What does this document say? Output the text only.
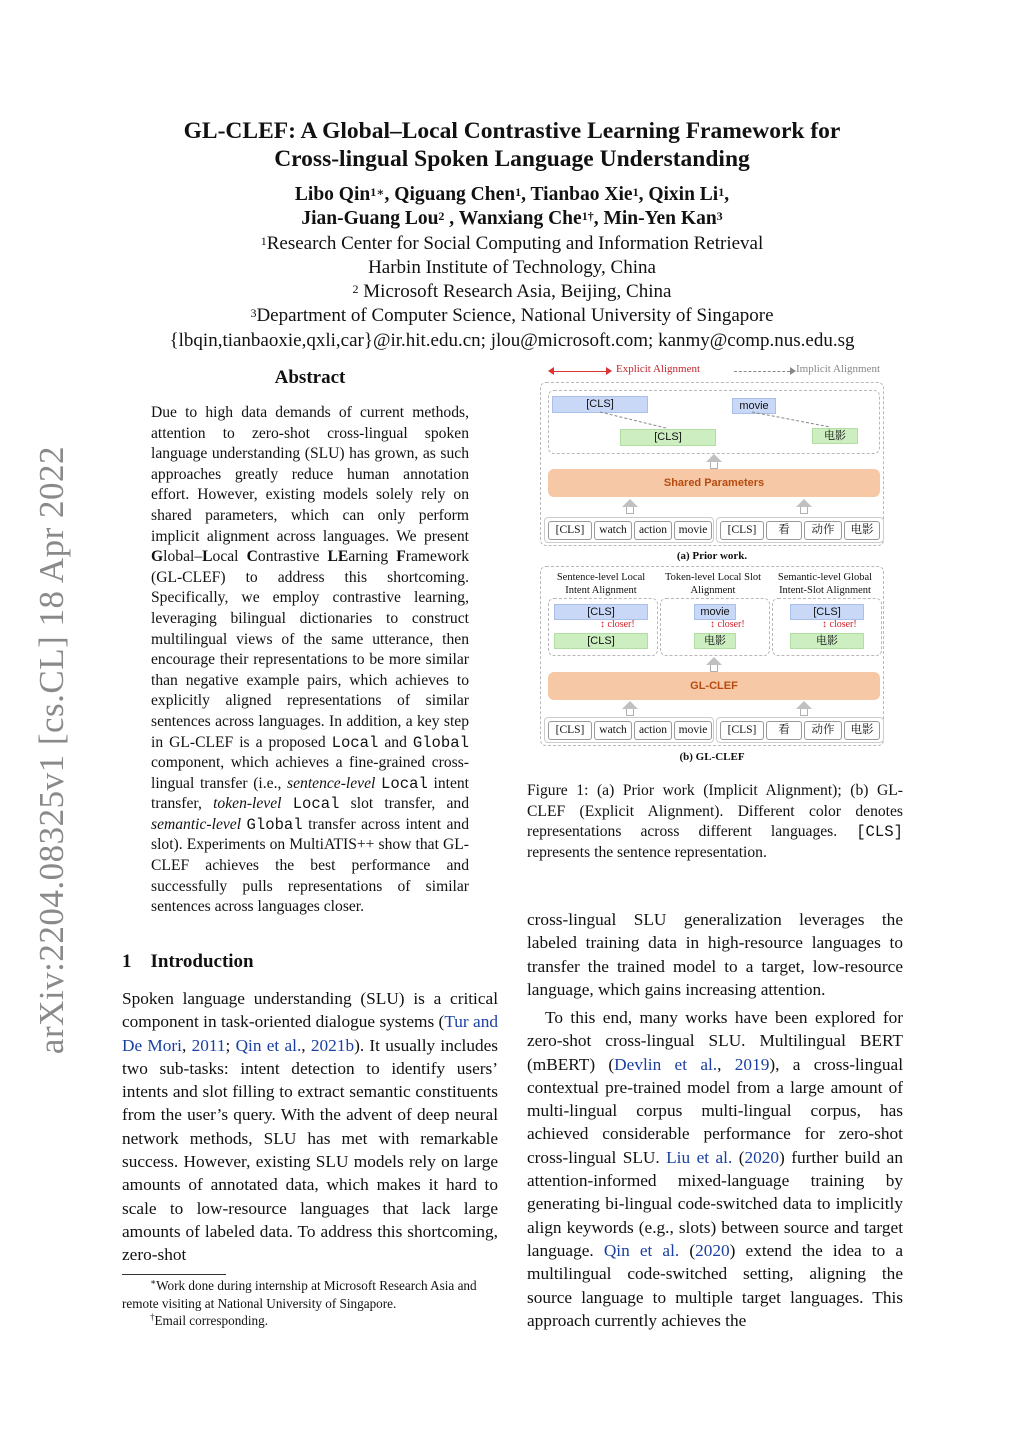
arXiv:2204.08325v1 [cs.CL] 18 Apr 2022
GL-CLEF: A Global–Local Contrastive Learning Framework for
Cross-lingual Spoken Language Understanding
Libo Qin$^{1∗}$, Qiguang Chen$^1$, Tianbao Xie$^1$, Qixin Li$^1$,
Jian-Guang Lou$^2$ , Wanxiang Che$^{1\dagger}$, Min-Yen Kan$^3$
$^1$Research Center for Social Computing and Information Retrieval
Harbin Institute of Technology, China
$^2$ Microsoft Research Asia, Beijing, China
$^3$Department of Computer Science, National University of Singapore
{lbqin,tianbaoxie,qxli,car}@ir.hit.edu.cn; jlou@microsoft.com; kanmy@comp.nus.edu.sg
Abstract

Due to high data demands of current methods, attention to zero-shot cross-lingual spoken language understanding (SLU) has grown, as such approaches greatly reduce human annotation effort. However, existing models solely rely on shared parameters, which can only perform implicit alignment across languages. We present Global–Local Contrastive LEarning Framework (GL-CLEF) to address this shortcoming. Specifically, we employ contrastive learning, leveraging bilingual dictionaries to construct multilingual views of the same utterance, then encourage their representations to be more similar than negative example pairs, which achieves to explicitly aligned representations of similar sentences across languages. In addition, a key step in GL-CLEF is a proposed Local and Global component, which achieves a fine-grained cross-lingual transfer (i.e., sentence-level Local intent transfer, token-level Local slot transfer, and semantic-level Global transfer across intent and slot). Experiments on MultiATIS++ show that GL-CLEF achieves the best performance and successfully pulls representations of similar sentences across languages closer.

1 Introduction

Spoken language understanding (SLU) is a critical component in task-oriented dialogue systems (Tur and De Mori, 2011; Qin et al., 2021b). It usually includes two sub-tasks: intent detection to identify users’ intents and slot filling to extract semantic constituents from the user’s query. With the advent of deep neural network methods, SLU has met with remarkable success. However, existing SLU models rely on large amounts of annotated data, which makes it hard to scale to low-resource languages that lack large amounts of labeled data. To address this shortcoming, zero-shot

∗Work done during internship at Microsoft Research Asia and remote visiting at National University of Singapore.
†Email corresponding.
Explicit Alignment	Implicit Alignment
[CLS]
[CLS]
movie
电影
Shared Parameters
[CLS]	watch	action	movie	[CLS]	看	动作	电影
(a) Prior work.
Sentence-level Local Intent Alignment
Token-level Local Slot Alignment
Semantic-level Global Intent-Slot Alignment
[CLS]
↕ closer!
[CLS]
movie
↕ closer!
电影
[CLS]
↕ closer!
电影
GL-CLEF
[CLS]	watch	action	movie	[CLS]	看	动作	电影
(b) GL-CLEF
Figure 1: (a) Prior work (Implicit Alignment); (b) GL-CLEF (Explicit Alignment). Different color denotes representations across different languages. [CLS] represents the sentence representation.
cross-lingual SLU generalization leverages the labeled training data in high-resource languages to transfer the trained model to a target, low-resource language, which gains increasing attention.
To this end, many works have been explored for zero-shot cross-lingual SLU. Multilingual BERT (mBERT) (Devlin et al., 2019), a cross-lingual contextual pre-trained model from a large amount of multi-lingual corpus multi-lingual corpus, has achieved considerable performance for zero-shot cross-lingual SLU. Liu et al. (2020) further build an attention-informed mixed-language training by generating bi-lingual code-switched data to implicitly align keywords (e.g., slots) between source and target language. Qin et al. (2020) extend the idea to a multilingual code-switched setting, aligning the source language to multiple target languages. This approach currently achieves the
